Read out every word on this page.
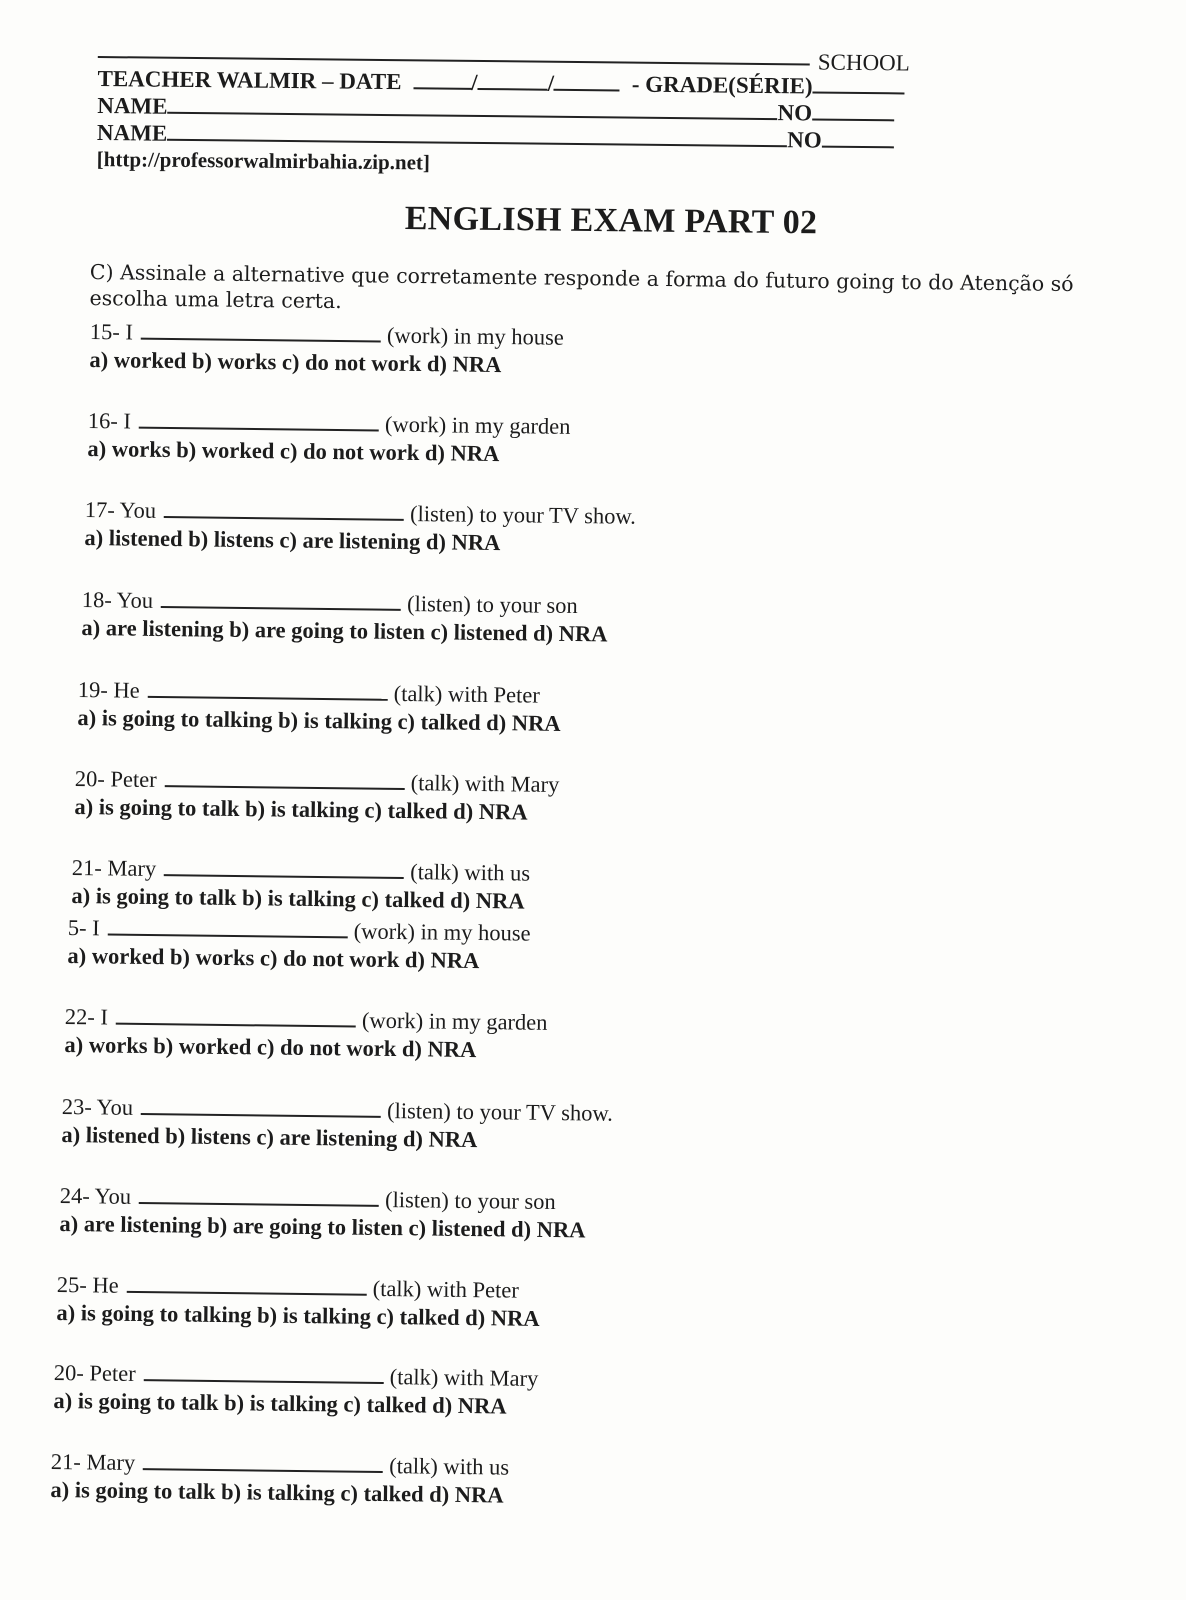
SCHOOL
TEACHER WALMIR – DATE	/	/	- GRADE(SÉRIE)
NAME	NO
NAME	NO
[http://professorwalmirbahia.zip.net]
ENGLISH EXAM PART 02
C) Assinale a alternative que corretamente responde a forma do futuro going to do Atenção só escolha uma letra certa.
15- I	(work) in my house
a) worked b) works c) do not work d) NRA
16- I	(work) in my garden
a) works b) worked c) do not work d) NRA
17- You	(listen) to your TV show.
a) listened b) listens c) are listening d) NRA
18- You	(listen) to your son
a) are listening b) are going to listen c) listened d) NRA
19- He	(talk) with Peter
a) is going to talking b) is talking c) talked d) NRA
20- Peter	(talk) with Mary
a) is going to talk b) is talking c) talked d) NRA
21- Mary	(talk) with us
a) is going to talk b) is talking c) talked d) NRA
5- I	(work) in my house
a) worked b) works c) do not work d) NRA
22- I	(work) in my garden
a) works b) worked c) do not work d) NRA
23- You	(listen) to your TV show.
a) listened b) listens c) are listening d) NRA
24- You	(listen) to your son
a) are listening b) are going to listen c) listened d) NRA
25- He	(talk) with Peter
a) is going to talking b) is talking c) talked d) NRA
20- Peter	(talk) with Mary
a) is going to talk b) is talking c) talked d) NRA
21- Mary	(talk) with us
a) is going to talk b) is talking c) talked d) NRA
